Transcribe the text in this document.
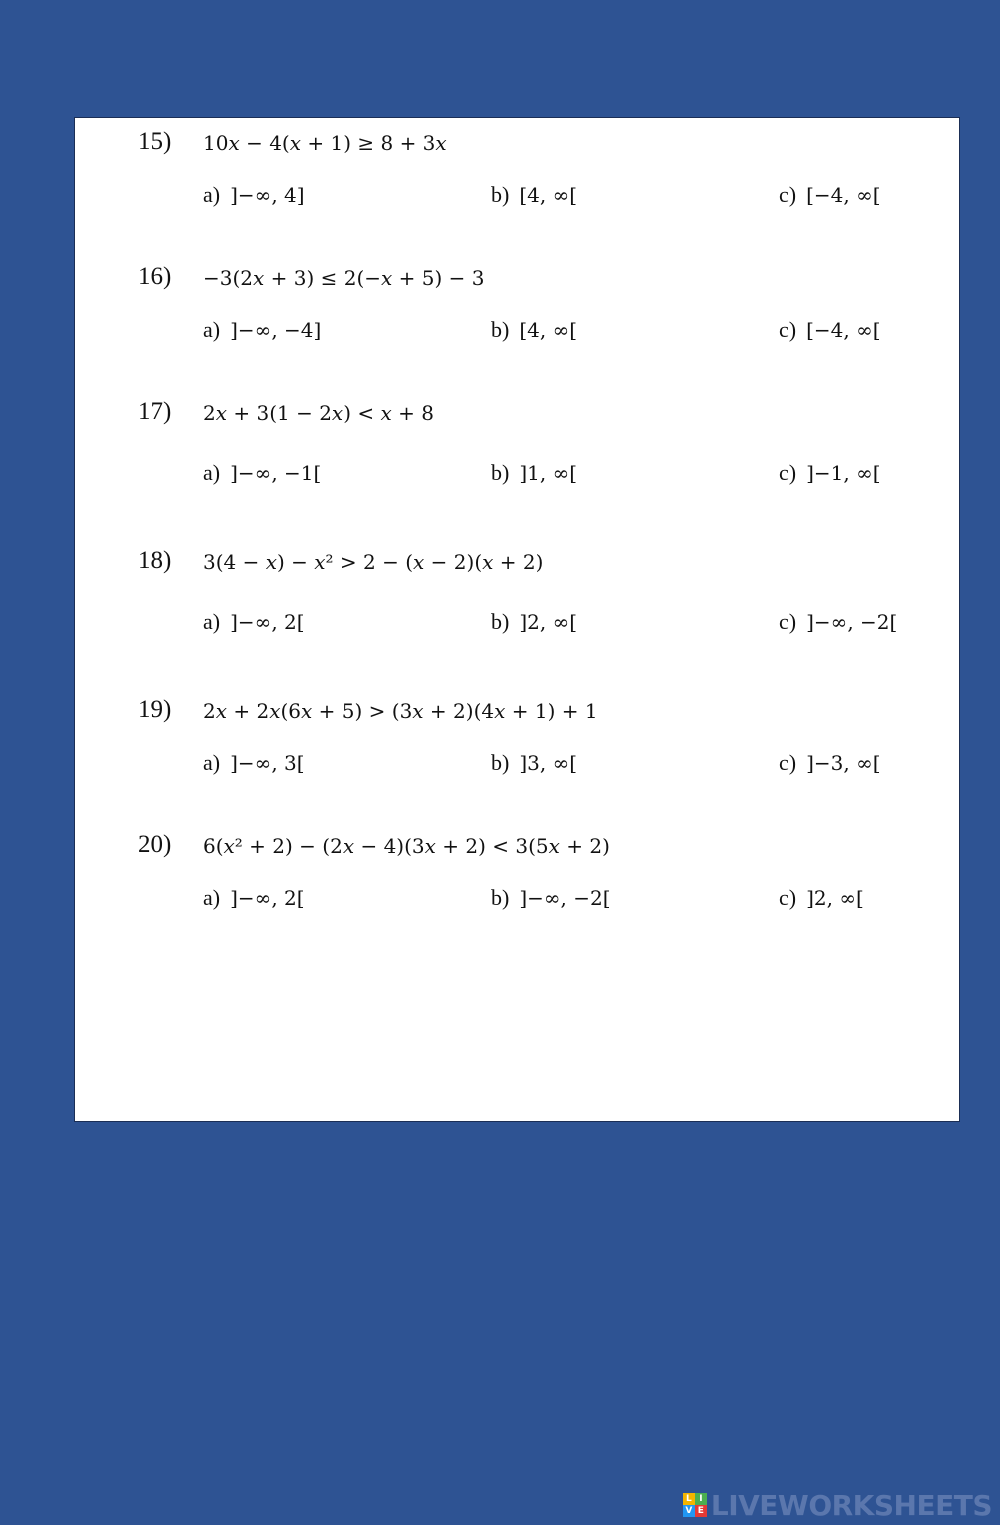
15) 10𝑥 − 4(𝑥 + 1) ≥ 8 + 3𝑥
a) ]−∞, 4]	b) [4, ∞[	c) [−4, ∞[
16) −3(2𝑥 + 3) ≤ 2(−𝑥 + 5) − 3
a) ]−∞, −4]	b) [4, ∞[	c) [−4, ∞[
17) 2𝑥 + 3(1 − 2𝑥) < 𝑥 + 8
a) ]−∞, −1[	b) ]1, ∞[	c) ]−1, ∞[
18) 3(4 − 𝑥) − 𝑥² > 2 − (𝑥 − 2)(𝑥 + 2)
a) ]−∞, 2[	b) ]2, ∞[	c) ]−∞, −2[
19) 2𝑥 + 2𝑥(6𝑥 + 5) > (3𝑥 + 2)(4𝑥 + 1) + 1
a) ]−∞, 3[	b) ]3, ∞[	c) ]−3, ∞[
20) 6(𝑥² + 2) − (2𝑥 − 4)(3𝑥 + 2) < 3(5𝑥 + 2)
a) ]−∞, 2[	b) ]−∞, −2[	c) ]2, ∞[
L I
V E LIVEWORKSHEETS
